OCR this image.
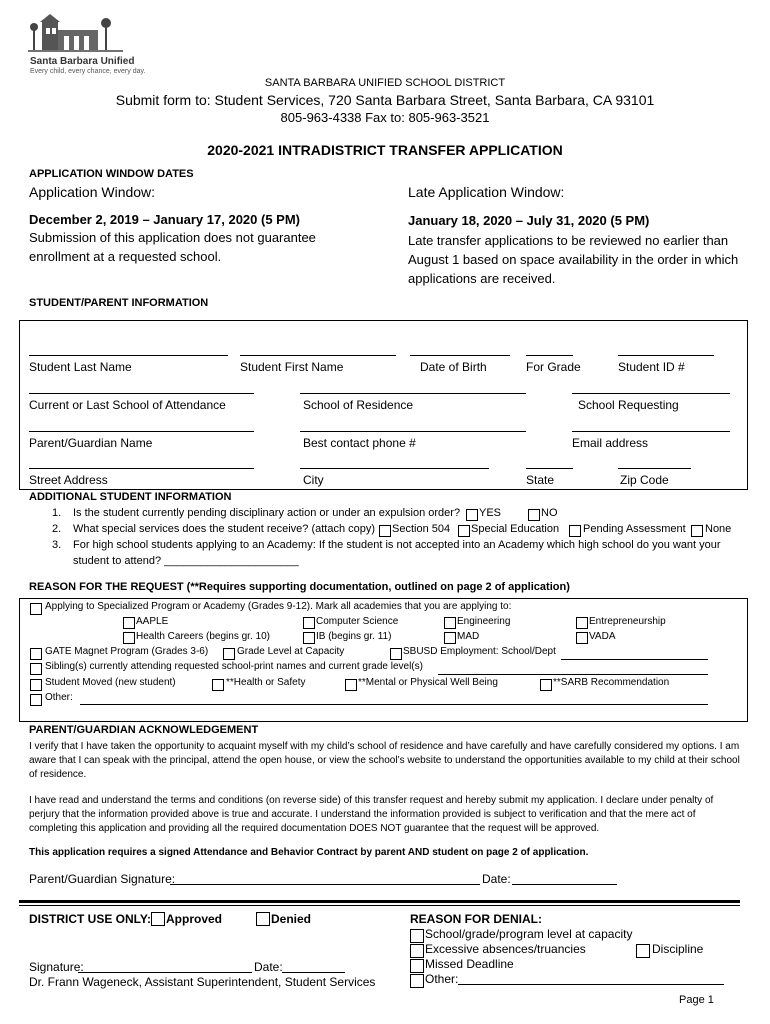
Santa Barbara Unified
Every child, every chance, every day.
SANTA BARBARA UNIFIED SCHOOL DISTRICT
Submit form to: Student Services, 720 Santa Barbara Street, Santa Barbara, CA 93101
805-963-4338 Fax to: 805-963-3521
2020-2021 INTRADISTRICT TRANSFER APPLICATION
APPLICATION WINDOW DATES
Application Window:	Late Application Window:
December 2, 2019 – January 17, 2020 (5 PM)
Submission of this application does not guarantee
enrollment at a requested school.
January 18, 2020 – July 31, 2020 (5 PM)
Late transfer applications to be reviewed no earlier than
August 1 based on space availability in the order in which
applications are received.
STUDENT/PARENT INFORMATION
Student Last Name	Student First Name	Date of Birth	For Grade	Student ID #
Current or Last School of Attendance	School of Residence	School Requesting
Parent/Guardian Name	Best contact phone #	Email address
Street Address	City	State	Zip Code
ADDITIONAL STUDENT INFORMATION
1. Is the student currently pending disciplinary action or under an expulsion order? YES	NO
2. What special services does the student receive? (attach copy) Section 504 Special Education Pending Assessment None
3. For high school students applying to an Academy: If the student is not accepted into an Academy which high school do you want your
student to attend? ______________________
REASON FOR THE REQUEST (**Requires supporting documentation, outlined on page 2 of application)
Applying to Specialized Program or Academy (Grades 9-12). Mark all academies that you are applying to:
AAPLE	Computer Science	Engineering	Entrepreneurship
Health Careers (begins gr. 10)	IB (begins gr. 11)	MAD	VADA
GATE Magnet Program (Grades 3-6)	Grade Level at Capacity	SBUSD Employment: School/Dept
Sibling(s) currently attending requested school-print names and current grade level(s)
Student Moved (new student)	**Health or Safety	**Mental or Physical Well Being	**SARB Recommendation
Other:
PARENT/GUARDIAN ACKNOWLEDGEMENT
I verify that I have taken the opportunity to acquaint myself with my child’s school of residence and have carefully and have carefully considered my options. I am aware that I can speak with the principal, attend the open house, or view the school’s website to understand the opportunities available to my child at their school of residence.
I have read and understand the terms and conditions (on reverse side) of this transfer request and hereby submit my application. I declare under penalty of perjury that the information provided above is true and accurate. I understand the information provided is subject to verification and that the mere act of completing this application and providing all the required documentation DOES NOT guarantee that the request will be approved.
This application requires a signed Attendance and Behavior Contract by parent AND student on page 2 of application.
Parent/Guardian Signature:	Date:
DISTRICT USE ONLY: Approved	Denied
Signature:	Date:
Dr. Frann Wageneck, Assistant Superintendent, Student Services
REASON FOR DENIAL:
School/grade/program level at capacity
Excessive absences/truancies
Missed Deadline
Other:
Discipline
Page 1
